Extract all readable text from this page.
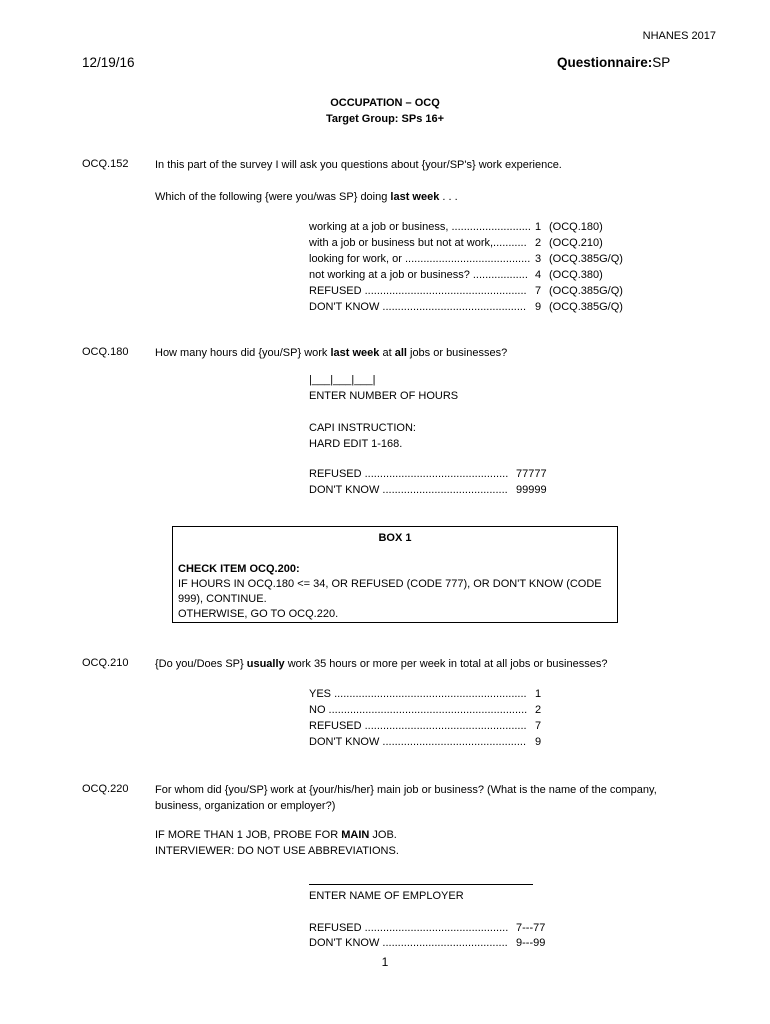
NHANES 2017
12/19/16	Questionnaire:SP
OCCUPATION – OCQ
Target Group: SPs 16+
OCQ.152 In this part of the survey I will ask you questions about {your/SP's} work experience.
Which of the following {were you/was SP} doing last week . . .
working at a job or business, .......................... 1 (OCQ.180)
with a job or business but not at work,........... 2 (OCQ.210)
looking for work, or ......................................... 3 (OCQ.385G/Q)
not working at a job or business? .................. 4 (OCQ.380)
REFUSED ..................................................... 7 (OCQ.385G/Q)
DON'T KNOW ............................................... 9 (OCQ.385G/Q)
OCQ.180 How many hours did {you/SP} work last week at all jobs or businesses?
|___|___|___|
ENTER NUMBER OF HOURS
CAPI INSTRUCTION:
HARD EDIT 1-168.
REFUSED ............................................... 77777
DON'T KNOW ......................................... 99999
BOX 1
CHECK ITEM OCQ.200:
IF HOURS IN OCQ.180 <= 34, OR REFUSED (CODE 777), OR DON'T KNOW (CODE
999), CONTINUE.
OTHERWISE, GO TO OCQ.220.
OCQ.210 {Do you/Does SP} usually work 35 hours or more per week in total at all jobs or businesses?
YES ............................................................... 1
NO ................................................................. 2
REFUSED ..................................................... 7
DON'T KNOW ............................................... 9
OCQ.220 For whom did {you/SP} work at {your/his/her} main job or business? (What is the name of the company,
business, organization or employer?)
IF MORE THAN 1 JOB, PROBE FOR MAIN JOB.
INTERVIEWER: DO NOT USE ABBREVIATIONS.
ENTER NAME OF EMPLOYER
REFUSED ............................................... 7---77
DON'T KNOW ......................................... 9---99
1
